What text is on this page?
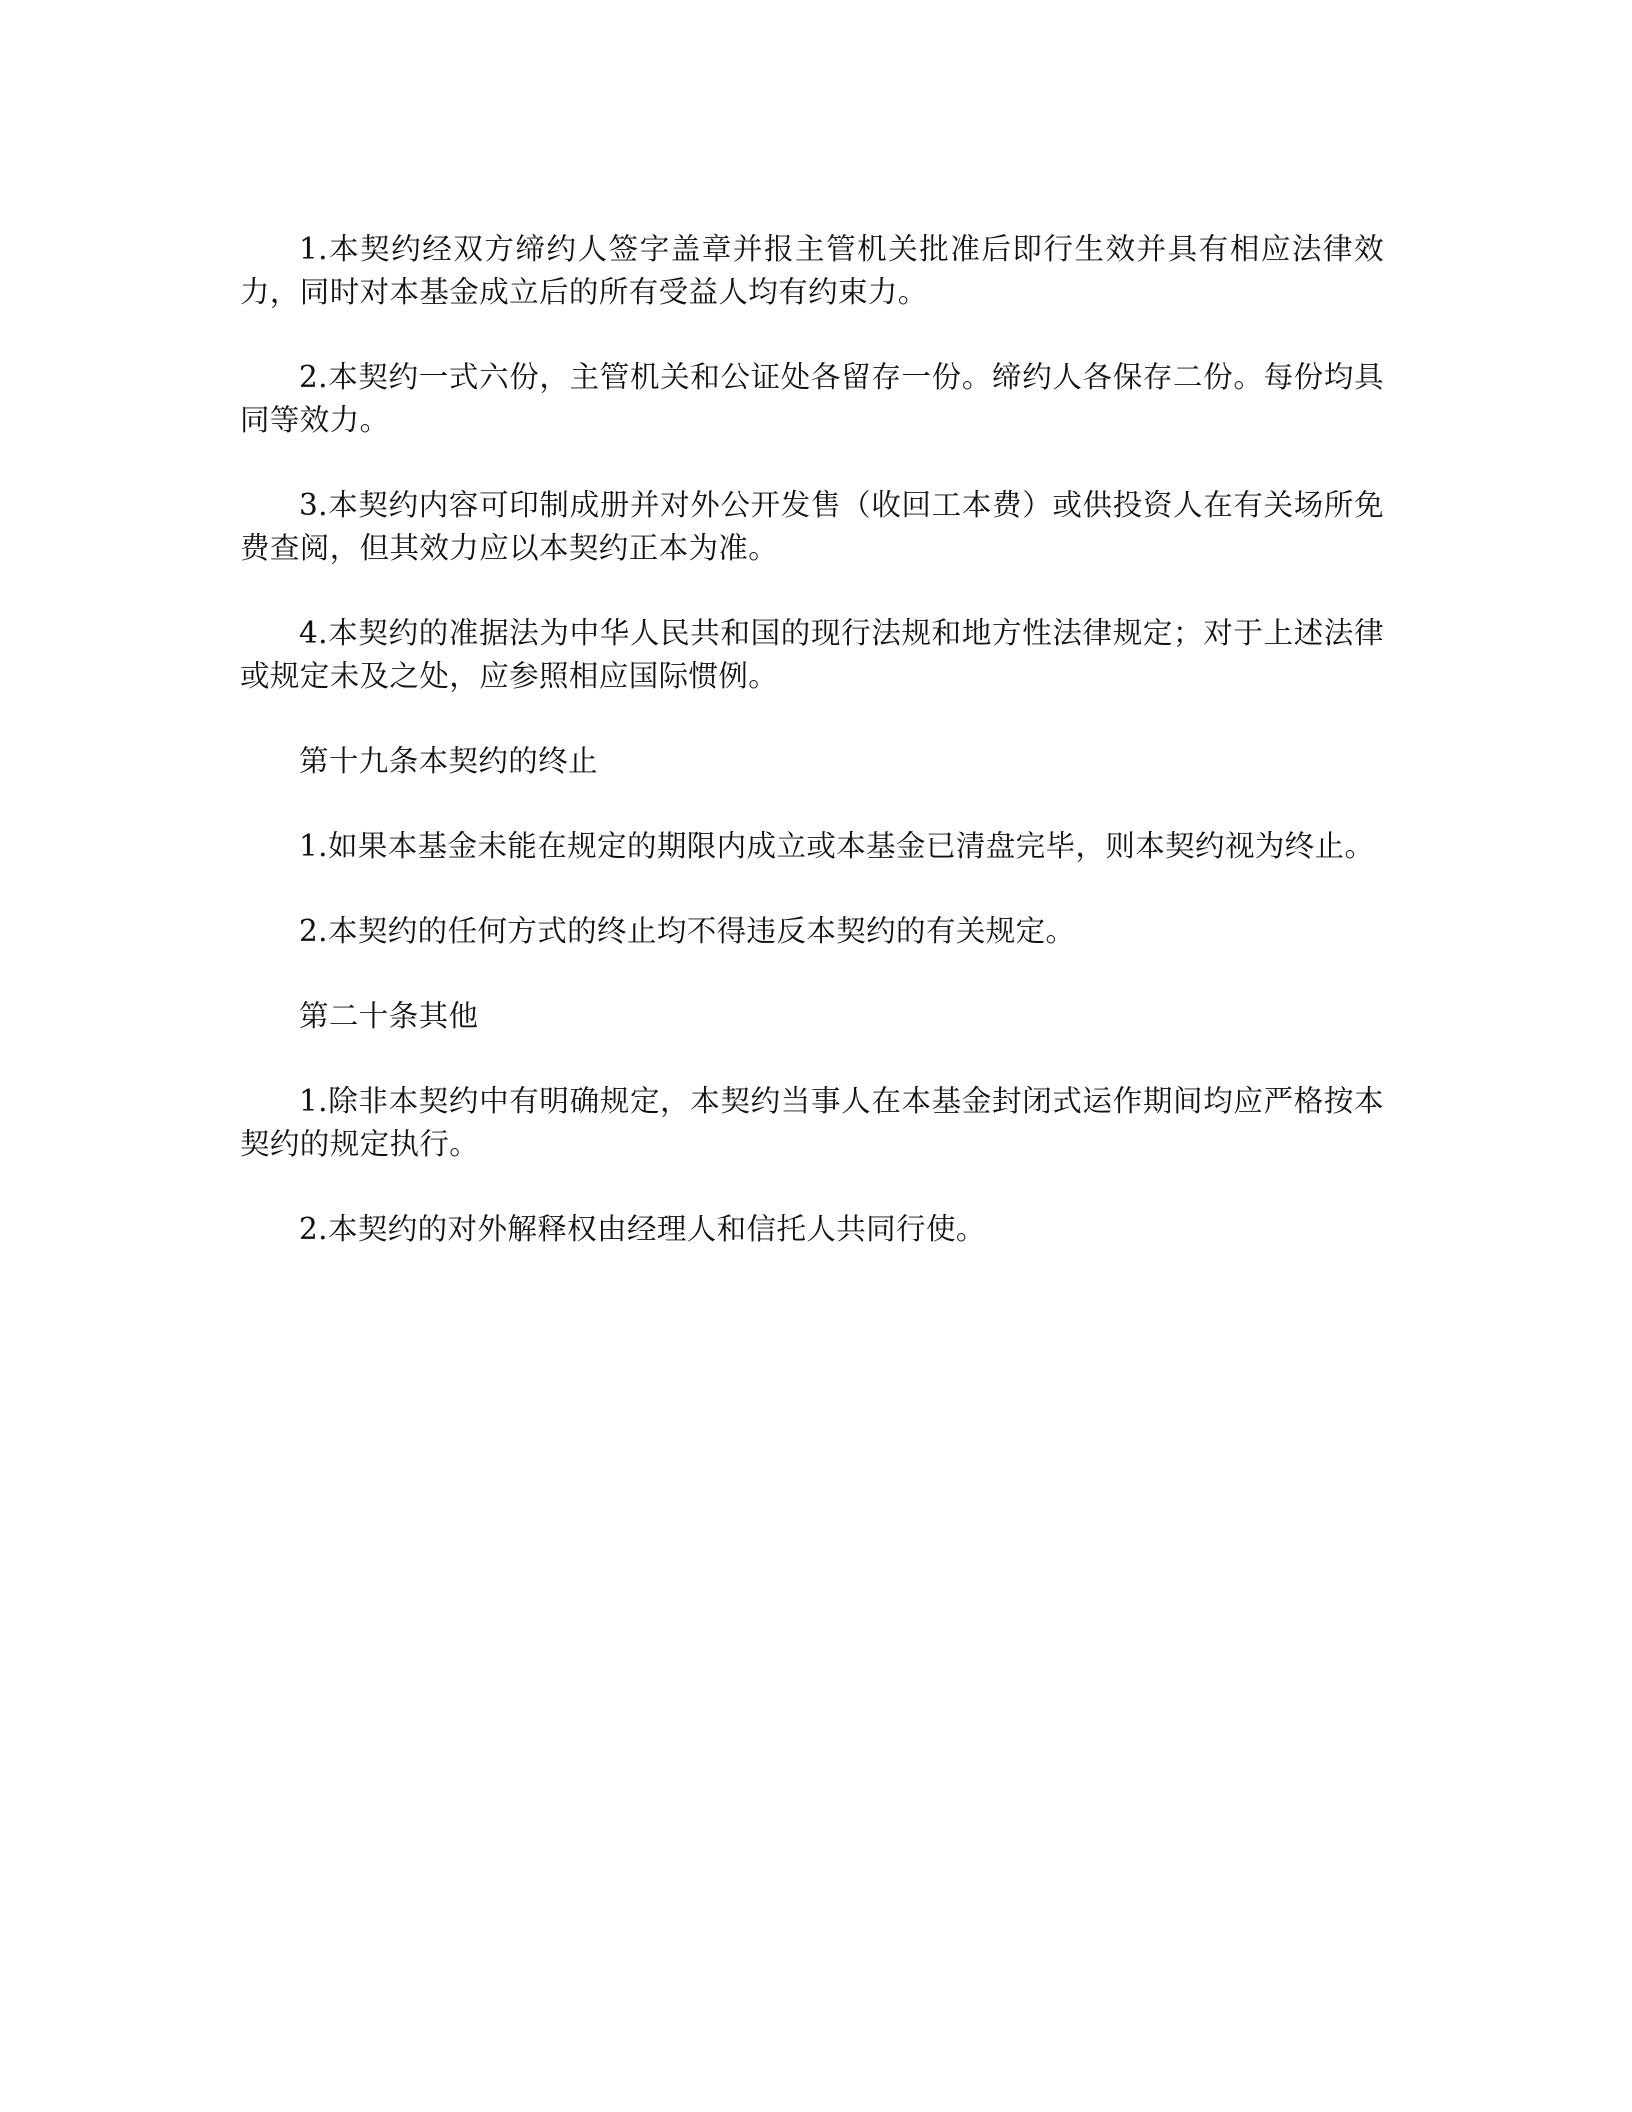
1.本契约经双方缔约人签字盖章并报主管机关批准后即行生效并具有相应法律效力，同时对本基金成立后的所有受益人均有约束力。

2.本契约一式六份，主管机关和公证处各留存一份。缔约人各保存二份。每份均具同等效力。

3.本契约内容可印制成册并对外公开发售（收回工本费）或供投资人在有关场所免费查阅，但其效力应以本契约正本为准。

4.本契约的准据法为中华人民共和国的现行法规和地方性法律规定；对于上述法律或规定未及之处，应参照相应国际惯例。

第十九条本契约的终止

1.如果本基金未能在规定的期限内成立或本基金已清盘完毕，则本契约视为终止。

2.本契约的任何方式的终止均不得违反本契约的有关规定。

第二十条其他

1.除非本契约中有明确规定，本契约当事人在本基金封闭式运作期间均应严格按本契约的规定执行。

2.本契约的对外解释权由经理人和信托人共同行使。
